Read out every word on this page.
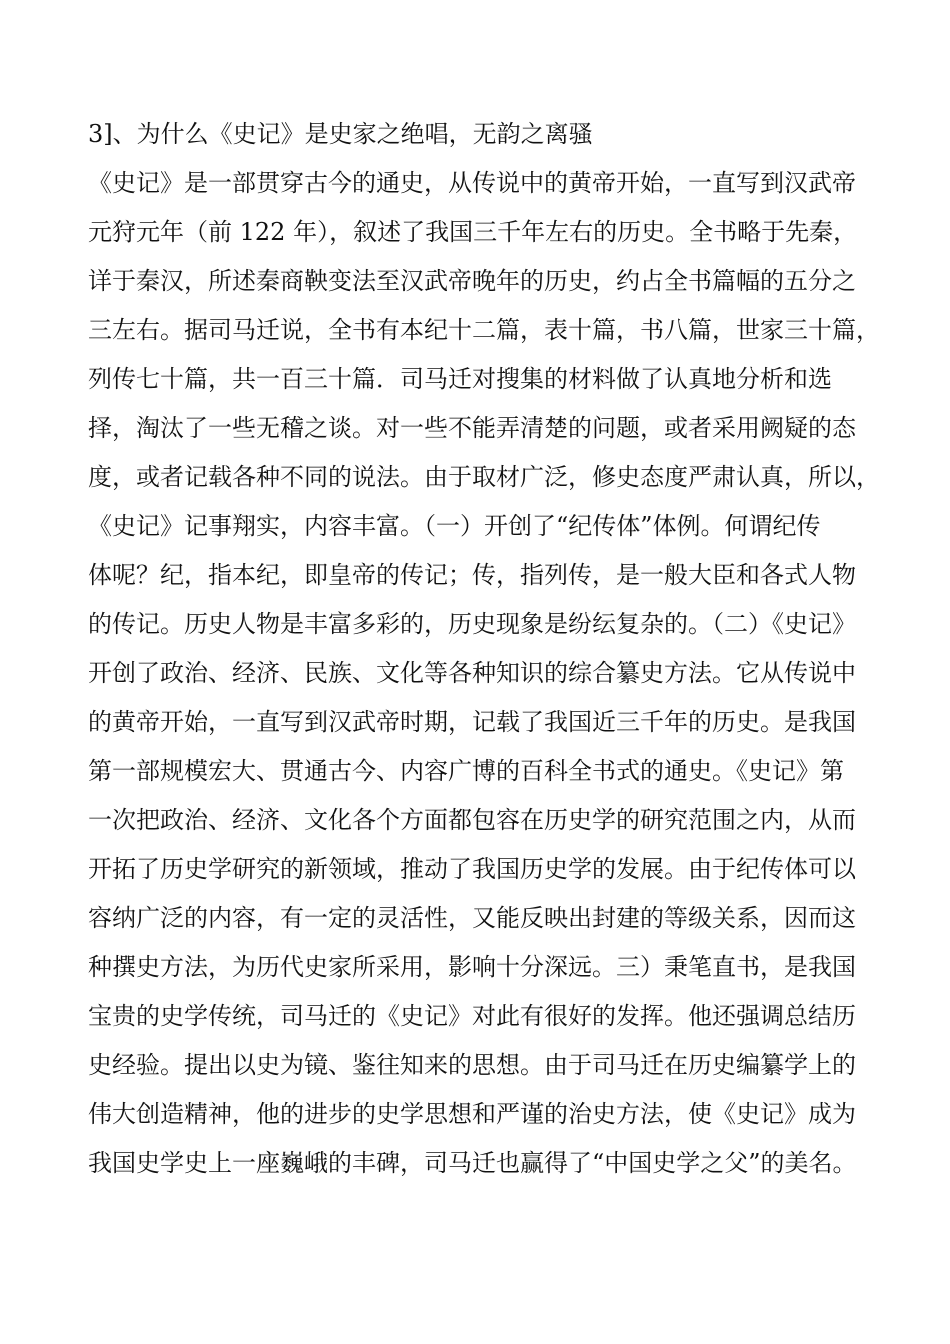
3]、为什么《史记》是史家之绝唱，无韵之离骚

《史记》是一部贯穿古今的通史，从传说中的黄帝开始，一直写到汉武帝

元狩元年（前 122 年），叙述了我国三千年左右的历史。全书略于先秦，

详于秦汉，所述秦商鞅变法至汉武帝晚年的历史，约占全书篇幅的五分之

三左右。据司马迁说，全书有本纪十二篇，表十篇，书八篇，世家三十篇，

列传七十篇，共一百三十篇．司马迁对搜集的材料做了认真地分析和选

择，淘汰了一些无稽之谈。对一些不能弄清楚的问题，或者采用阙疑的态

度，或者记载各种不同的说法。由于取材广泛，修史态度严肃认真，所以，

《史记》记事翔实，内容丰富。（一）开创了“纪传体”体例。何谓纪传

体呢？纪，指本纪，即皇帝的传记；传，指列传，是一般大臣和各式人物

的传记。历史人物是丰富多彩的，历史现象是纷纭复杂的。（二）《史记》

开创了政治、经济、民族、文化等各种知识的综合纂史方法。它从传说中

的黄帝开始，一直写到汉武帝时期，记载了我国近三千年的历史。是我国

第一部规模宏大、贯通古今、内容广博的百科全书式的通史。《史记》第

一次把政治、经济、文化各个方面都包容在历史学的研究范围之内，从而

开拓了历史学研究的新领域，推动了我国历史学的发展。由于纪传体可以

容纳广泛的内容，有一定的灵活性，又能反映出封建的等级关系，因而这

种撰史方法，为历代史家所采用，影响十分深远。三）秉笔直书，是我国

宝贵的史学传统，司马迁的《史记》对此有很好的发挥。他还强调总结历

史经验。提出以史为镜、鉴往知来的思想。由于司马迁在历史编纂学上的

伟大创造精神，他的进步的史学思想和严谨的治史方法，使《史记》成为

我国史学史上一座巍峨的丰碑，司马迁也赢得了“中国史学之父”的美名。
